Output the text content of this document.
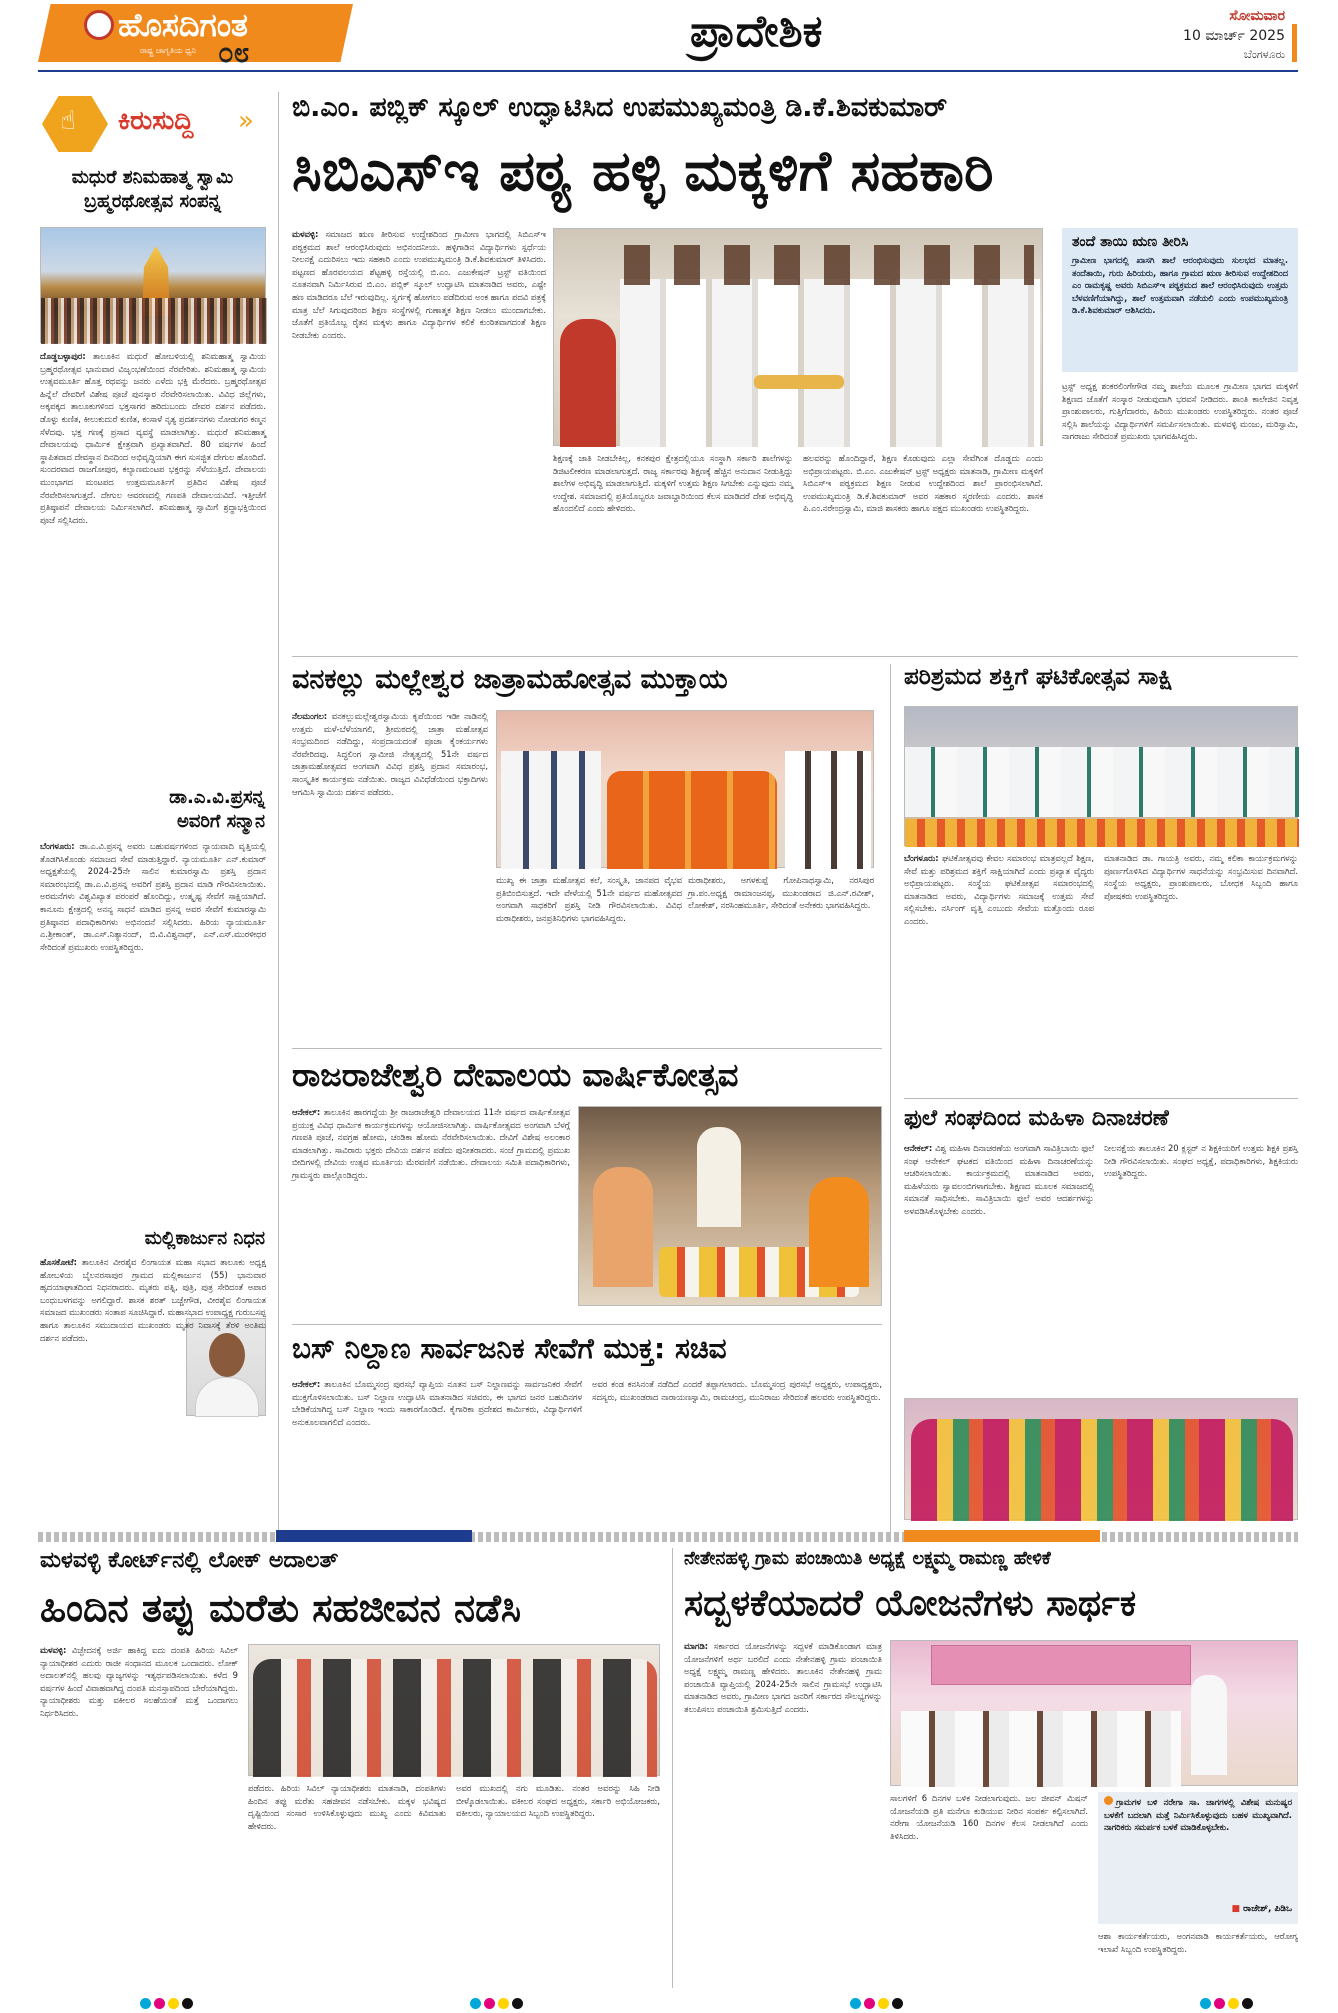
ಹೊಸದಿಗಂತ
ರಾಷ್ಟ್ರ ಜಾಗೃತಿಯ ಧ್ವನಿ ೦೮	ಪ್ರಾದೇಶಿಕ	ಸೋಮವಾರ
10 ಮಾರ್ಚ್ 2025
ಬೆಂಗಳೂರು
☝ ಕಿರುಸುದ್ದಿ »
ಮಧುರೆ ಶನಿಮಹಾತ್ಮ ಸ್ವಾಮಿ
ಬ್ರಹ್ಮರಥೋತ್ಸವ ಸಂಪನ್ನ

ದೊಡ್ಡಬಳ್ಳಾಪುರ: ತಾಲೂಕಿನ ಮಧುರೆ ಹೋಬಳಿಯಲ್ಲಿ ಶನಿಮಹಾತ್ಮ ಸ್ವಾಮಿಯ ಬ್ರಹ್ಮರಥೋತ್ಸವ ಭಾನುವಾರ ವಿಜೃಂಭಣೆಯಿಂದ ನೆರವೇರಿತು. ಶನಿಮಹಾತ್ಮ ಸ್ವಾಮಿಯ ಉತ್ಸವಮೂರ್ತಿ ಹೊತ್ತ ರಥವನ್ನು ಜನರು ಎಳೆದು ಭಕ್ತಿ ಮೆರೆದರು. ಬ್ರಹ್ಮರಥೋತ್ಸವ ಹಿನ್ನೆಲೆ ದೇವರಿಗೆ ವಿಶೇಷ ಪೂಜೆ ಪುನಸ್ಕಾರ ನೆರವೇರಿಸಲಾಯಿತು. ವಿವಿಧ ಜಿಲ್ಲೆಗಳು, ಅಕ್ಕಪಕ್ಕದ ತಾಲೂಕುಗಳಿಂದ ಭಕ್ತಸಾಗರ ಹರಿದುಬಂದು ದೇವರ ದರ್ಶನ ಪಡೆದರು. ಡೊಳ್ಳು ಕುಣಿತ, ಕೀಲುಕುದುರೆ ಕುಣಿತ, ಕಂಸಾಳೆ ನೃತ್ಯ ಪ್ರದರ್ಶನಗಳು ನೋಡುಗರ ಕಣ್ಮನ ಸೆಳೆದವು. ಭಕ್ತ ಗಣಕ್ಕೆ ಪ್ರಸಾದ ವ್ಯವಸ್ಥೆ ಮಾಡಲಾಗಿತ್ತು. ಮಧುರೆ ಶನಿಮಹಾತ್ಮ ದೇವಾಲಯವು ಧಾರ್ಮಿಕ ಕ್ಷೇತ್ರವಾಗಿ ಪ್ರಖ್ಯಾತವಾಗಿದೆ. 80 ವರ್ಷಗಳ ಹಿಂದೆ ಸ್ಥಾಪಿತವಾದ ದೇವಸ್ಥಾನ ದಿನದಿಂದ ಅಭಿವೃದ್ಧಿಯಾಗಿ ಈಗ ಸುಸಜ್ಜಿತ ದೇಗುಲ ಹೊಂದಿದೆ. ಸುಂದರವಾದ ರಾಜಗೋಪುರ, ಕಲ್ಯಾಣಮಂಟಪ ಭಕ್ತರನ್ನು ಸೆಳೆಯುತ್ತಿದೆ. ದೇವಾಲಯ ಮುಂಭಾಗದ ಮಂಟಪದ ಉತ್ತಮಮೂರ್ತಿಗೆ ಪ್ರತಿದಿನ ವಿಶೇಷ ಪೂಜೆ ನೆರವೇರಿಸಲಾಗುತ್ತದೆ. ದೇಗುಲ ಆವರಣದಲ್ಲಿ ಗಣಪತಿ ದೇವಾಲಯವಿದೆ. ಇತ್ತೀಚೆಗೆ ಪ್ರತಿಷ್ಠಾಪನೆ ದೇವಾಲಯ ನಿರ್ಮಿಸಲಾಗಿದೆ. ಶನಿಮಹಾತ್ಮ ಸ್ವಾಮಿಗೆ ಶ್ರದ್ಧಾಭಕ್ತಿಯಿಂದ ಪೂಜೆ ಸಲ್ಲಿಸಿದರು.

ಡಾ.ಎ.ವಿ.ಪ್ರಸನ್ನ
ಅವರಿಗೆ ಸನ್ಮಾನ

ಬೆಂಗಳೂರು: ಡಾ.ಎ.ವಿ.ಪ್ರಸನ್ನ ಅವರು ಬಹುವರ್ಷಗಳಿಂದ ನ್ಯಾಯವಾದಿ ವೃತ್ತಿಯಲ್ಲಿ ತೊಡಗಿಸಿಕೊಂಡು ಸಮಾಜದ ಸೇವೆ ಮಾಡುತ್ತಿದ್ದಾರೆ. ನ್ಯಾಯಮೂರ್ತಿ ಎನ್.ಕುಮಾರ್ ಅಧ್ಯಕ್ಷತೆಯಲ್ಲಿ 2024-25ನೇ ಸಾಲಿನ ಕುಮಾರಸ್ವಾಮಿ ಪ್ರಶಸ್ತಿ ಪ್ರದಾನ ಸಮಾರಂಭದಲ್ಲಿ ಡಾ.ಎ.ವಿ.ಪ್ರಸನ್ನ ಅವರಿಗೆ ಪ್ರಶಸ್ತಿ ಪ್ರದಾನ ಮಾಡಿ ಗೌರವಿಸಲಾಯಿತು. ಅರಮನೆಗಳು ವಿಶ್ವವಿಖ್ಯಾತ ಪರಂಪರೆ ಹೊಂದಿದ್ದು, ಉತ್ಕೃಷ್ಟ ಸೇವೆಗೆ ಸಾಕ್ಷಿಯಾಗಿದೆ. ಕಾನೂನು ಕ್ಷೇತ್ರದಲ್ಲಿ ಅನನ್ಯ ಸಾಧನೆ ಮಾಡಿದ ಪ್ರಸನ್ನ ಅವರ ಸೇವೆಗೆ ಕುಮಾರಸ್ವಾಮಿ ಪ್ರತಿಷ್ಠಾನದ ಪದಾಧಿಕಾರಿಗಳು ಅಭಿನಂದನೆ ಸಲ್ಲಿಸಿದರು. ಹಿರಿಯ ನ್ಯಾಯಮೂರ್ತಿ ಎ.ಶ್ರೀಕಾಂತ್, ಡಾ.ಎಸ್.ನಿತ್ಯಾನಂದ್, ಬಿ.ವಿ.ವಿಶ್ವನಾಥ್, ಎನ್.ಎಸ್.ಮುರಳೀಧರ ಸೇರಿದಂತೆ ಪ್ರಮುಖರು ಉಪಸ್ಥಿತರಿದ್ದರು.

ಮಲ್ಲಿಕಾರ್ಜುನ ನಿಧನ

ಹೊಸಕೋಟೆ: ತಾಲೂಕಿನ ವೀರಶೈವ ಲಿಂಗಾಯತ ಮಹಾ ಸಭಾದ ತಾಲೂಕು ಅಧ್ಯಕ್ಷ ಹೋಬಳಿಯ ಬೈಲನರಸಾಪುರ ಗ್ರಾಮದ ಮಲ್ಲಿಕಾರ್ಜುನ (55) ಭಾನುವಾರ ಹೃದಯಾಘಾತದಿಂದ ನಿಧನರಾದರು. ಮೃತರು ಪತ್ನಿ, ಪುತ್ರಿ, ಪುತ್ರ ಸೇರಿದಂತೆ ಅಪಾರ ಬಂಧುಬಳಗವನ್ನು ಅಗಲಿದ್ದಾರೆ. ಶಾಸಕ ಶರತ್ ಬಚ್ಚೇಗೌಡ, ವೀರಶೈವ ಲಿಂಗಾಯತ ಸಮಾಜದ ಮುಖಂಡರು ಸಂತಾಪ ಸೂಚಿಸಿದ್ದಾರೆ. ಮಹಾಸಭಾದ ಉಪಾಧ್ಯಕ್ಷ ಗುರುಬಸಪ್ಪ ಹಾಗೂ ತಾಲೂಕಿನ ಸಮುದಾಯದ ಮುಖಂಡರು ಮೃತರ ನಿವಾಸಕ್ಕೆ ತೆರಳಿ ಅಂತಿಮ ದರ್ಶನ ಪಡೆದರು.

ಬಿ.ಎಂ. ಪಬ್ಲಿಕ್ ಸ್ಕೂಲ್ ಉದ್ಘಾಟಿಸಿದ ಉಪಮುಖ್ಯಮಂತ್ರಿ ಡಿ.ಕೆ.ಶಿವಕುಮಾರ್
ಸಿಬಿಎಸ್‌ಇ ಪಠ್ಯ ಹಳ್ಳಿ ಮಕ್ಕಳಿಗೆ ಸಹಕಾರಿ

ಮಳವಳ್ಳಿ: ಸಮಾಜದ ಋಣ ತೀರಿಸುವ ಉದ್ದೇಶದಿಂದ ಗ್ರಾಮೀಣ ಭಾಗದಲ್ಲಿ ಸಿಬಿಎಸ್‌ಇ ಪಠ್ಯಕ್ರಮದ ಶಾಲೆ ಆರಂಭಿಸಿರುವುದು ಅಭಿನಂದನೀಯ. ಹಳ್ಳಿಗಾಡಿನ ವಿದ್ಯಾರ್ಥಿಗಳು ಸ್ಪರ್ಧೆಯ ನೀಲನಕ್ಷೆ ಎದುರಿಸಲು ಇದು ಸಹಕಾರಿ ಎಂದು ಉಪಮುಖ್ಯಮಂತ್ರಿ ಡಿ.ಕೆ.ಶಿವಕುಮಾರ್ ತಿಳಿಸಿದರು. ಪಟ್ಟಣದ ಹೊರವಲಯದ ಶೆಟ್ಟಹಳ್ಳಿ ರಸ್ತೆಯಲ್ಲಿ ಬಿ.ಎಂ. ಎಜುಕೇಷನ್ ಟ್ರಸ್ಟ್ ವತಿಯಿಂದ ನೂತನವಾಗಿ ನಿರ್ಮಿಸಿರುವ ಬಿ.ಎಂ. ಪಬ್ಲಿಕ್ ಸ್ಕೂಲ್ ಉದ್ಘಾಟಿಸಿ ಮಾತನಾಡಿದ ಅವರು, ಎಷ್ಟೇ ಹಣ ಮಾಡಿದರೂ ಬೆಲೆ ಇರುವುದಿಲ್ಲ. ಸ್ವರ್ಗಕ್ಕೆ ಹೋಗಲು ಪಡೆದಿರುವ ಅಂಕ ಹಾಗೂ ಪದವಿ ಪತ್ರಕ್ಕೆ ಮಾತ್ರ ಬೆಲೆ ಸಿಗುವುದರಿಂದ ಶಿಕ್ಷಣ ಸಂಸ್ಥೆಗಳಲ್ಲಿ ಗುಣಾತ್ಮಕ ಶಿಕ್ಷಣ ನೀಡಲು ಮುಂದಾಗಬೇಕು. ಜೊತೆಗೆ ಪ್ರತಿಯೊಬ್ಬ ರೈತನ ಮಕ್ಕಳು ಹಾಗೂ ವಿದ್ಯಾರ್ಥಿಗಳ ಕಲಿಕೆ ಕುಂಠಿತವಾಗದಂತೆ ಶಿಕ್ಷಣ ನೀಡಬೇಕು ಎಂದರು.

ಶಿಕ್ಷಣಕ್ಕೆ ಜಾತಿ ನೀಡಬೇಕಿಲ್ಲ, ಕನಕಪುರ ಕ್ಷೇತ್ರದಲ್ಲಿಯೂ ಸಂಸ್ಥಾಗಿ ಸರ್ಕಾರಿ ಶಾಲೆಗಳನ್ನು ಡಿಜಿಟಲೀಕರಣ ಮಾಡಲಾಗುತ್ತದೆ. ರಾಜ್ಯ ಸರ್ಕಾರವು ಶಿಕ್ಷಣಕ್ಕೆ ಹೆಚ್ಚಿನ ಅನುದಾನ ನೀಡುತ್ತಿದ್ದು ಶಾಲೆಗಳ ಅಭಿವೃದ್ಧಿ ಮಾಡಲಾಗುತ್ತಿದೆ. ಮಕ್ಕಳಿಗೆ ಉತ್ತಮ ಶಿಕ್ಷಣ ಸಿಗಬೇಕು ಎನ್ನುವುದು ನಮ್ಮ ಉದ್ದೇಶ. ಸಮಾಜದಲ್ಲಿ ಪ್ರತಿಯೊಬ್ಬರೂ ಜವಾಬ್ದಾರಿಯಿಂದ ಕೆಲಸ ಮಾಡಿದರೆ ದೇಶ ಅಭಿವೃದ್ಧಿ ಹೊಂದಲಿದೆ ಎಂದು ಹೇಳಿದರು.

ಹಲವರನ್ನು ಹೊಂದಿದ್ದಾರೆ, ಶಿಕ್ಷಣ ಕೊಡುವುದು ಎಲ್ಲಾ ಸೇವೆಗಿಂತ ದೊಡ್ಡದು ಎಂದು ಅಭಿಪ್ರಾಯಪಟ್ಟರು. ಬಿ.ಎಂ. ಎಜುಕೇಷನ್ ಟ್ರಸ್ಟ್ ಅಧ್ಯಕ್ಷರು ಮಾತನಾಡಿ, ಗ್ರಾಮೀಣ ಮಕ್ಕಳಿಗೆ ಸಿಬಿಎಸ್‌ಇ ಪಠ್ಯಕ್ರಮದ ಶಿಕ್ಷಣ ನೀಡುವ ಉದ್ದೇಶದಿಂದ ಶಾಲೆ ಪ್ರಾರಂಭಿಸಲಾಗಿದೆ. ಉಪಮುಖ್ಯಮಂತ್ರಿ ಡಿ.ಕೆ.ಶಿವಕುಮಾರ್ ಅವರ ಸಹಕಾರ ಸ್ಮರಣೀಯ ಎಂದರು. ಶಾಸಕ ಪಿ.ಎಂ.ನರೇಂದ್ರಸ್ವಾಮಿ, ಮಾಜಿ ಶಾಸಕರು ಹಾಗೂ ಪಕ್ಷದ ಮುಖಂಡರು ಉಪಸ್ಥಿತರಿದ್ದರು.

ತಂದೆ ತಾಯಿ ಋಣ ತೀರಿಸಿ
ಗ್ರಾಮೀಣ ಭಾಗದಲ್ಲಿ ಖಾಸಗಿ ಶಾಲೆ ಆರಂಭಿಸುವುದು ಸುಲಭದ ಮಾತಲ್ಲ. ತಂದೆತಾಯಿ, ಗುರು ಹಿರಿಯರು, ಹಾಗೂ ಗ್ರಾಮದ ಋಣ ತೀರಿಸುವ ಉದ್ದೇಶದಿಂದ ಎಂ ರಾಮಕೃಷ್ಣ ಅವರು ಸಿಬಿಎಸ್‌ಇ ಪಠ್ಯಕ್ರಮದ ಶಾಲೆ ಆರಂಭಿಸಿರುವುದು ಉತ್ತಮ ಬೆಳವಣಿಗೆಯಾಗಿದ್ದು, ಶಾಲೆ ಉತ್ತಮವಾಗಿ ನಡೆಯಲಿ ಎಂದು ಉಪಮುಖ್ಯಮಂತ್ರಿ ಡಿ.ಕೆ.ಶಿವಕುಮಾರ್ ಆಶಿಸಿದರು.

ಟ್ರಸ್ಟ್ ಅಧ್ಯಕ್ಷ ಶಂಕರಲಿಂಗೇಗೌಡ ನಮ್ಮ ಶಾಲೆಯ ಮೂಲಕ ಗ್ರಾಮೀಣ ಭಾಗದ ಮಕ್ಕಳಿಗೆ ಶಿಕ್ಷಣದ ಜೊತೆಗೆ ಸಂಸ್ಕಾರ ನೀಡುವುದಾಗಿ ಭರವಸೆ ನೀಡಿದರು. ಶಾಂತಿ ಕಾಲೇಜಿನ ನಿವೃತ್ತ ಪ್ರಾಂಶುಪಾಲರು, ಗುತ್ತಿಗೆದಾರರು, ಹಿರಿಯ ಮುಖಂಡರು ಉಪಸ್ಥಿತರಿದ್ದರು. ನಂತರ ಪೂಜೆ ಸಲ್ಲಿಸಿ ಶಾಲೆಯನ್ನು ವಿದ್ಯಾರ್ಥಿಗಳಿಗೆ ಸಮರ್ಪಿಸಲಾಯಿತು. ಮಳವಳ್ಳಿ ಮಂಜು, ಮರಿಸ್ವಾಮಿ, ನಾಗರಾಜು ಸೇರಿದಂತೆ ಪ್ರಮುಖರು ಭಾಗವಹಿಸಿದ್ದರು.

ವನಕಲ್ಲು ಮಲ್ಲೇಶ್ವರ ಜಾತ್ರಾಮಹೋತ್ಸವ ಮುಕ್ತಾಯ

ನೆಲಮಂಗಲ: ವನಕಲ್ಲುಮಲ್ಲೇಶ್ವರಸ್ವಾಮಿಯ ಕೃಪೆಯಿಂದ ಇಡೀ ನಾಡಿನಲ್ಲಿ ಉತ್ತಮ ಮಳೆ-ಬೆಳೆಯಾಗಲಿ, ಶ್ರೀಮಠದಲ್ಲಿ ಜಾತ್ರಾ ಮಹೋತ್ಸವ ಸಂಭ್ರಮದಿಂದ ನಡೆದಿದ್ದು, ಸಂಪ್ರದಾಯದಂತೆ ಪೂಜಾ ಕೈಂಕರ್ಯಗಳು ನೆರವೇರಿದವು. ಸಿದ್ಧಲಿಂಗ ಸ್ವಾಮೀಜಿ ನೇತೃತ್ವದಲ್ಲಿ 51ನೇ ವರ್ಷದ ಜಾತ್ರಾಮಹೋತ್ಸವದ ಅಂಗವಾಗಿ ವಿವಿಧ ಪ್ರಶಸ್ತಿ ಪ್ರದಾನ ಸಮಾರಂಭ, ಸಾಂಸ್ಕೃತಿಕ ಕಾರ್ಯಕ್ರಮ ನಡೆಯಿತು. ರಾಜ್ಯದ ವಿವಿಧೆಡೆಯಿಂದ ಭಕ್ತಾದಿಗಳು ಆಗಮಿಸಿ ಸ್ವಾಮಿಯ ದರ್ಶನ ಪಡೆದರು.

ಮುಖ್ಯ ಈ ಜಾತ್ರಾ ಮಹೋತ್ಸವ ಕಲೆ, ಸಂಸ್ಕೃತಿ, ಜಾನಪದ ವೈಭವ ಪ್ರತಿಬಿಂಬಿಸುತ್ತದೆ. ಇದೇ ವೇಳೆಯಲ್ಲಿ 51ನೇ ವರ್ಷದ ಮಹೋತ್ಸವದ ಅಂಗವಾಗಿ ಸಾಧಕರಿಗೆ ಪ್ರಶಸ್ತಿ ನೀಡಿ ಗೌರವಿಸಲಾಯಿತು. ವಿವಿಧ ಮಠಾಧೀಶರು, ಜನಪ್ರತಿನಿಧಿಗಳು ಭಾಗವಹಿಸಿದ್ದರು.

ಮಠಾಧೀಶರು, ಅಗಳಕುಪ್ಪೆ ಗೋಪಿನಾಥಸ್ವಾಮಿ, ನರಸಿಪುರ ಗ್ರಾ.ಪಂ.ಅಧ್ಯಕ್ಷ ರಾಮಾಂಜನಪ್ಪ, ಮುಖಂಡರಾದ ಜಿ.ಎನ್.ರವೀಶ್, ಲೋಕೇಶ್, ನರಸಿಂಹಮೂರ್ತಿ, ಸೇರಿದಂತೆ ಅನೇಕರು ಭಾಗವಹಿಸಿದ್ದರು.

ಪರಿಶ್ರಮದ ಶಕ್ತಿಗೆ ಘಟಿಕೋತ್ಸವ ಸಾಕ್ಷಿ

ಬೆಂಗಳೂರು: ಘಟಿಕೋತ್ಸವವು ಕೇವಲ ಸಮಾರಂಭ ಮಾತ್ರವಲ್ಲದೆ ಶಿಕ್ಷಣ, ಸೇವೆ ಮತ್ತು ಪರಿಶ್ರಮದ ಶಕ್ತಿಗೆ ಸಾಕ್ಷಿಯಾಗಿದೆ ಎಂದು ಪ್ರಖ್ಯಾತ ವೈದ್ಯರು ಅಭಿಪ್ರಾಯಪಟ್ಟರು. ಸಂಸ್ಥೆಯ ಘಟಿಕೋತ್ಸವ ಸಮಾರಂಭದಲ್ಲಿ ಮಾತನಾಡಿದ ಅವರು, ವಿದ್ಯಾರ್ಥಿಗಳು ಸಮಾಜಕ್ಕೆ ಉತ್ತಮ ಸೇವೆ ಸಲ್ಲಿಸಬೇಕು. ನರ್ಸಿಂಗ್ ವೃತ್ತಿ ಎಂಬುದು ಸೇವೆಯ ಮತ್ತೊಂದು ರೂಪ ಎಂದರು.

ಮಾತನಾಡಿದ ಡಾ. ಗಾಯತ್ರಿ ಅವರು, ನಮ್ಮ ಕಲಿಕಾ ಕಾರ್ಯಕ್ರಮಗಳನ್ನು ಪೂರ್ಣಗೊಳಿಸಿದ ವಿದ್ಯಾರ್ಥಿಗಳ ಸಾಧನೆಯನ್ನು ಸಂಭ್ರಮಿಸುವ ದಿನವಾಗಿದೆ. ಸಂಸ್ಥೆಯ ಅಧ್ಯಕ್ಷರು, ಪ್ರಾಂಶುಪಾಲರು, ಬೋಧಕ ಸಿಬ್ಬಂದಿ ಹಾಗೂ ಪೋಷಕರು ಉಪಸ್ಥಿತರಿದ್ದರು.

ರಾಜರಾಜೇಶ್ವರಿ ದೇವಾಲಯ ವಾರ್ಷಿಕೋತ್ಸವ

ಆನೇಕಲ್: ತಾಲೂಕಿನ ಹಾರಗದ್ದೆಯ ಶ್ರೀ ರಾಜರಾಜೇಶ್ವರಿ ದೇವಾಲಯದ 11ನೇ ವರ್ಷದ ವಾರ್ಷಿಕೋತ್ಸವ ಪ್ರಯುಕ್ತ ವಿವಿಧ ಧಾರ್ಮಿಕ ಕಾರ್ಯಕ್ರಮಗಳನ್ನು ಆಯೋಜಿಸಲಾಗಿತ್ತು. ವಾರ್ಷಿಕೋತ್ಸವದ ಅಂಗವಾಗಿ ಬೆಳಗ್ಗೆ ಗಣಪತಿ ಪೂಜೆ, ನವಗ್ರಹ ಹೋಮ, ಚಂಡಿಕಾ ಹೋಮ ನೆರವೇರಿಸಲಾಯಿತು. ದೇವಿಗೆ ವಿಶೇಷ ಅಲಂಕಾರ ಮಾಡಲಾಗಿತ್ತು. ಸಾವಿರಾರು ಭಕ್ತರು ದೇವಿಯ ದರ್ಶನ ಪಡೆದು ಪುನೀತರಾದರು. ಸಂಜೆ ಗ್ರಾಮದಲ್ಲಿ ಪ್ರಮುಖ ಬೀದಿಗಳಲ್ಲಿ ದೇವಿಯ ಉತ್ಸವ ಮೂರ್ತಿಯ ಮೆರವಣಿಗೆ ನಡೆಯಿತು. ದೇವಾಲಯ ಸಮಿತಿ ಪದಾಧಿಕಾರಿಗಳು, ಗ್ರಾಮಸ್ಥರು ಪಾಲ್ಗೊಂಡಿದ್ದರು.

ಫುಲೆ ಸಂಘದಿಂದ ಮಹಿಳಾ ದಿನಾಚರಣೆ

ಆನೇಕಲ್: ವಿಶ್ವ ಮಹಿಳಾ ದಿನಾಚರಣೆಯ ಅಂಗವಾಗಿ ಸಾವಿತ್ರಿಬಾಯಿ ಫುಲೆ ಸಂಘ ಆನೇಕಲ್ ಘಟಕದ ವತಿಯಿಂದ ಮಹಿಳಾ ದಿನಾಚರಣೆಯನ್ನು ಆಚರಿಸಲಾಯಿತು. ಕಾರ್ಯಕ್ರಮದಲ್ಲಿ ಮಾತನಾಡಿದ ಅವರು, ಮಹಿಳೆಯರು ಸ್ವಾವಲಂಬಿಗಳಾಗಬೇಕು. ಶಿಕ್ಷಣದ ಮೂಲಕ ಸಮಾಜದಲ್ಲಿ ಸಮಾನತೆ ಸಾಧಿಸಬೇಕು. ಸಾವಿತ್ರಿಬಾಯಿ ಫುಲೆ ಅವರ ಆದರ್ಶಗಳನ್ನು ಅಳವಡಿಸಿಕೊಳ್ಳಬೇಕು ಎಂದರು.

ನೀಲನಕ್ಷೆಯ ತಾಲೂಕಿನ 20 ಕ್ಲಸ್ಟರ್ ನ ಶಿಕ್ಷಕಿಯರಿಗೆ ಉತ್ತಮ ಶಿಕ್ಷಕಿ ಪ್ರಶಸ್ತಿ ನೀಡಿ ಗೌರವಿಸಲಾಯಿತು. ಸಂಘದ ಅಧ್ಯಕ್ಷೆ, ಪದಾಧಿಕಾರಿಗಳು, ಶಿಕ್ಷಕಿಯರು ಉಪಸ್ಥಿತರಿದ್ದರು.

ಬಸ್ ನಿಲ್ದಾಣ ಸಾರ್ವಜನಿಕ ಸೇವೆಗೆ ಮುಕ್ತ: ಸಚಿವ

ಆನೇಕಲ್: ತಾಲೂಕಿನ ಬೊಮ್ಮಸಂದ್ರ ಪುರಸಭೆ ವ್ಯಾಪ್ತಿಯ ನೂತನ ಬಸ್ ನಿಲ್ದಾಣವನ್ನು ಸಾರ್ವಜನಿಕರ ಸೇವೆಗೆ ಮುಕ್ತಗೊಳಿಸಲಾಯಿತು. ಬಸ್ ನಿಲ್ದಾಣ ಉದ್ಘಾಟಿಸಿ ಮಾತನಾಡಿದ ಸಚಿವರು, ಈ ಭಾಗದ ಜನರ ಬಹುದಿನಗಳ ಬೇಡಿಕೆಯಾಗಿದ್ದ ಬಸ್ ನಿಲ್ದಾಣ ಇಂದು ಸಾಕಾರಗೊಂಡಿದೆ. ಕೈಗಾರಿಕಾ ಪ್ರದೇಶದ ಕಾರ್ಮಿಕರು, ವಿದ್ಯಾರ್ಥಿಗಳಿಗೆ ಅನುಕೂಲವಾಗಲಿದೆ ಎಂದರು.

ಅವರ ಕಂಡ ಕನಸಿನಂತೆ ನಡೆದಿದೆ ಎಂದರೆ ತಪ್ಪಾಗಲಾರದು. ಬೊಮ್ಮಸಂದ್ರ ಪುರಸಭೆ ಅಧ್ಯಕ್ಷರು, ಉಪಾಧ್ಯಕ್ಷರು, ಸದಸ್ಯರು, ಮುಖಂಡರಾದ ನಾರಾಯಣಸ್ವಾಮಿ, ರಾಮಚಂದ್ರ, ಮುನಿರಾಜು ಸೇರಿದಂತೆ ಹಲವರು ಉಪಸ್ಥಿತರಿದ್ದರು.

ಮಳವಳ್ಳಿ ಕೋರ್ಟ್‌ನಲ್ಲಿ ಲೋಕ್ ಅದಾಲತ್
ಹಿಂದಿನ ತಪ್ಪು ಮರೆತು ಸಹಜೀವನ ನಡೆಸಿ

ಮಳವಳ್ಳಿ: ವಿಚ್ಛೇದನಕ್ಕೆ ಅರ್ಜಿ ಹಾಕಿದ್ದ ಐದು ದಂಪತಿ ಹಿರಿಯ ಸಿವಿಲ್ ನ್ಯಾಯಾಧೀಶರ ಎದುರು ರಾಜೀ ಸಂಧಾನದ ಮೂಲಕ ಒಂದಾದರು. ಲೋಕ್ ಅದಾಲತ್‌ನಲ್ಲಿ ಹಲವು ವ್ಯಾಜ್ಯಗಳನ್ನು ಇತ್ಯರ್ಥಪಡಿಸಲಾಯಿತು. ಕಳೆದ 9 ವರ್ಷಗಳ ಹಿಂದೆ ವಿವಾಹವಾಗಿದ್ದ ದಂಪತಿ ಮನಸ್ತಾಪದಿಂದ ಬೇರೆಯಾಗಿದ್ದರು. ನ್ಯಾಯಾಧೀಶರು ಮತ್ತು ವಕೀಲರ ಸಲಹೆಯಂತೆ ಮತ್ತೆ ಒಂದಾಗಲು ನಿರ್ಧರಿಸಿದರು.

ಪಡೆದರು. ಹಿರಿಯ ಸಿವಿಲ್ ನ್ಯಾಯಾಧೀಶರು ಮಾತನಾಡಿ, ದಂಪತಿಗಳು ಹಿಂದಿನ ತಪ್ಪು ಮರೆತು ಸಹಜೀವನ ನಡೆಸಬೇಕು. ಮಕ್ಕಳ ಭವಿಷ್ಯದ ದೃಷ್ಟಿಯಿಂದ ಸಂಸಾರ ಉಳಿಸಿಕೊಳ್ಳುವುದು ಮುಖ್ಯ ಎಂದು ಕಿವಿಮಾತು ಹೇಳಿದರು.

ಅವರ ಮುಖದಲ್ಲಿ ನಗು ಮೂಡಿತು. ನಂತರ ಅವರನ್ನು ಸಿಹಿ ನೀಡಿ ಬೀಳ್ಕೊಡಲಾಯಿತು. ವಕೀಲರ ಸಂಘದ ಅಧ್ಯಕ್ಷರು, ಸರ್ಕಾರಿ ಅಭಿಯೋಜಕರು, ವಕೀಲರು, ನ್ಯಾಯಾಲಯದ ಸಿಬ್ಬಂದಿ ಉಪಸ್ಥಿತರಿದ್ದರು.

ನೇತೇನಹಳ್ಳಿ ಗ್ರಾಮ ಪಂಚಾಯಿತಿ ಅಧ್ಯಕ್ಷೆ ಲಕ್ಷ್ಮಮ್ಮ ರಾಮಣ್ಣ ಹೇಳಿಕೆ
ಸದ್ಬಳಕೆಯಾದರೆ ಯೋಜನೆಗಳು ಸಾರ್ಥಕ

ಮಾಗಡಿ: ಸರ್ಕಾರದ ಯೋಜನೆಗಳನ್ನು ಸದ್ಬಳಕೆ ಮಾಡಿಕೊಂಡಾಗ ಮಾತ್ರ ಯೋಜನೆಗಳಿಗೆ ಅರ್ಥ ಬರಲಿದೆ ಎಂದು ನೇತೇನಹಳ್ಳಿ ಗ್ರಾಮ ಪಂಚಾಯಿತಿ ಅಧ್ಯಕ್ಷೆ ಲಕ್ಷ್ಮಮ್ಮ ರಾಮಣ್ಣ ಹೇಳಿದರು. ತಾಲೂಕಿನ ನೇತೇನಹಳ್ಳಿ ಗ್ರಾಮ ಪಂಚಾಯಿತಿ ವ್ಯಾಪ್ತಿಯಲ್ಲಿ 2024-25ನೇ ಸಾಲಿನ ಗ್ರಾಮಸಭೆ ಉದ್ಘಾಟಿಸಿ ಮಾತನಾಡಿದ ಅವರು, ಗ್ರಾಮೀಣ ಭಾಗದ ಜನರಿಗೆ ಸರ್ಕಾರದ ಸೌಲಭ್ಯಗಳನ್ನು ತಲುಪಿಸಲು ಪಂಚಾಯಿತಿ ಶ್ರಮಿಸುತ್ತಿದೆ ಎಂದರು.

ಸಾಲಗಳಿಗೆ 6 ದಿನಗಳ ಬಳಿಕ ನೀಡಲಾಗುವುದು. ಜಲ ಜೀವನ್ ಮಿಷನ್ ಯೋಜನೆಯಡಿ ಪ್ರತಿ ಮನೆಗೂ ಕುಡಿಯುವ ನೀರಿನ ಸಂಪರ್ಕ ಕಲ್ಪಿಸಲಾಗಿದೆ. ನರೇಗಾ ಯೋಜನೆಯಡಿ 160 ದಿನಗಳ ಕೆಲಸ ನೀಡಲಾಗಿದೆ ಎಂದು ತಿಳಿಸಿದರು.

ಗ್ರಾಮಗಳ ಬಳಿ ನರೇಗಾ ಸಾ. ಜಾಗಗಳಲ್ಲಿ ವಿಶೇಷ ಮನುಷ್ಯರ ಬಳಕೆಗೆ ಬದಲಾಗಿ ಮತ್ತೆ ನಿರ್ಮಿಸಿಕೊಳ್ಳುವುದು ಬಹಳ ಮುಖ್ಯವಾಗಿದೆ. ನಾಗರಿಕರು ಸಮರ್ಪಕ ಬಳಕೆ ಮಾಡಿಕೊಳ್ಳಬೇಕು.
■ ರಾಜೇಶ್, ಪಿಡಿಒ

ಆಶಾ ಕಾರ್ಯಕರ್ತೆಯರು, ಅಂಗನವಾಡಿ ಕಾರ್ಯಕರ್ತೆಯರು, ಆರೋಗ್ಯ ಇಲಾಖೆ ಸಿಬ್ಬಂದಿ ಉಪಸ್ಥಿತರಿದ್ದರು.
